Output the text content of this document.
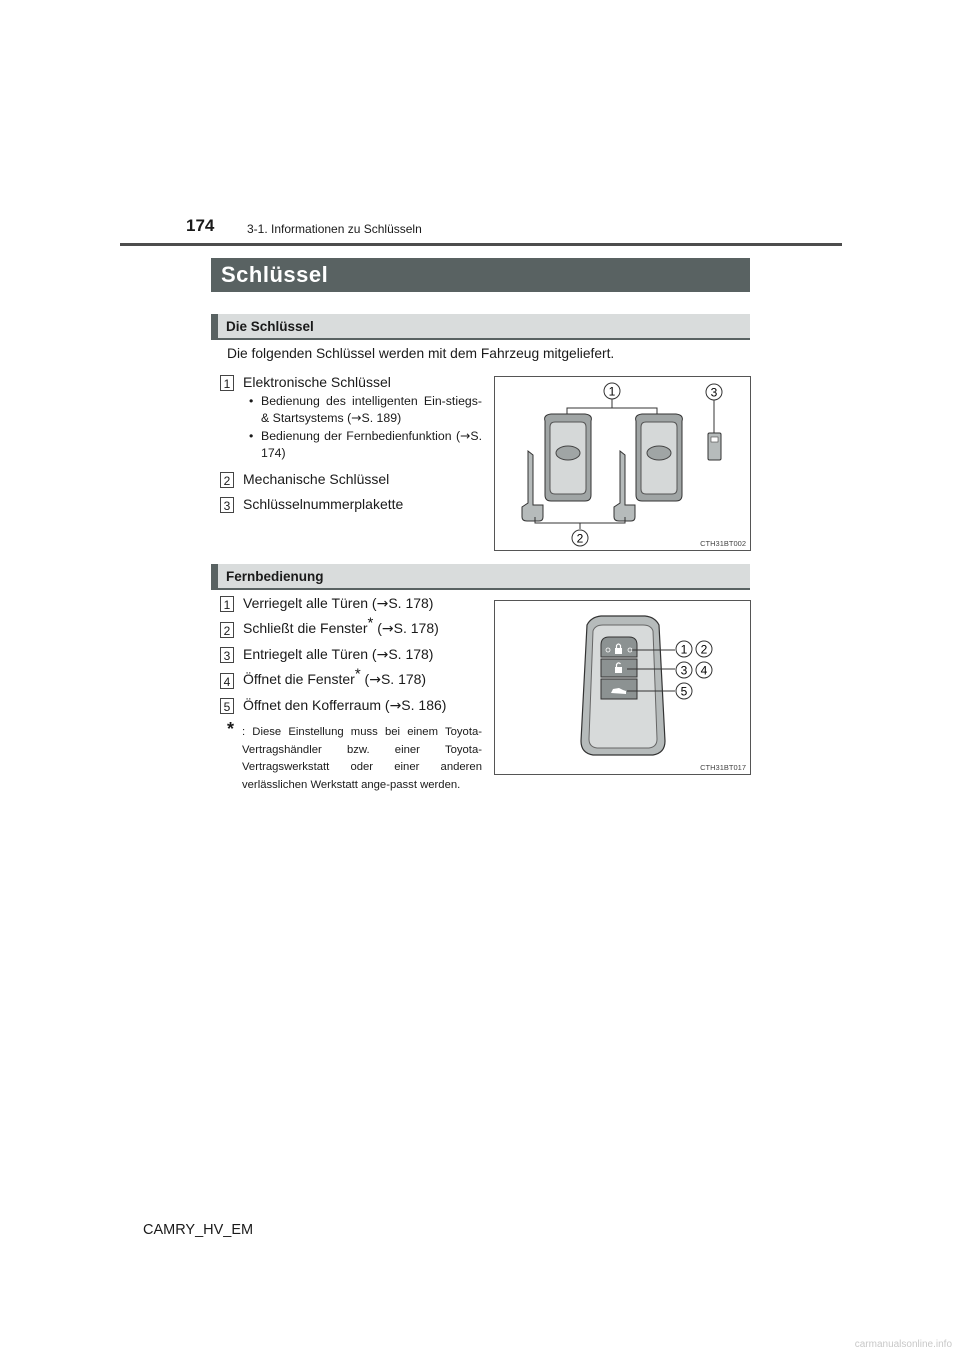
174	3-1. Informationen zu Schlüsseln
Schlüssel
Die Schlüssel
Die folgenden Schlüssel werden mit dem Fahrzeug mitgeliefert.
1 Elektronische Schlüssel
• Bedienung des intelligenten Ein-stiegs- & Startsystems (→S. 189)
• Bedienung der Fernbedienfunktion (→S. 174)
2 Mechanische Schlüssel
3 Schlüsselnummerplakette
1
2
3
CTH31BT002
Fernbedienung
1 Verriegelt alle Türen (→S. 178)
2 Schließt die Fenster* (→S. 178)
3 Entriegelt alle Türen (→S. 178)
4 Öffnet die Fenster* (→S. 178)
5 Öffnet den Kofferraum (→S. 186)
* : Diese Einstellung muss bei einem Toyota-Vertragshändler bzw. einer Toyota-Vertragswerkstatt oder einer anderen verlässlichen Werkstatt ange-passt werden.
1 2
3 4
5
CTH31BT017
CAMRY_HV_EM
carmanualsonline.info
